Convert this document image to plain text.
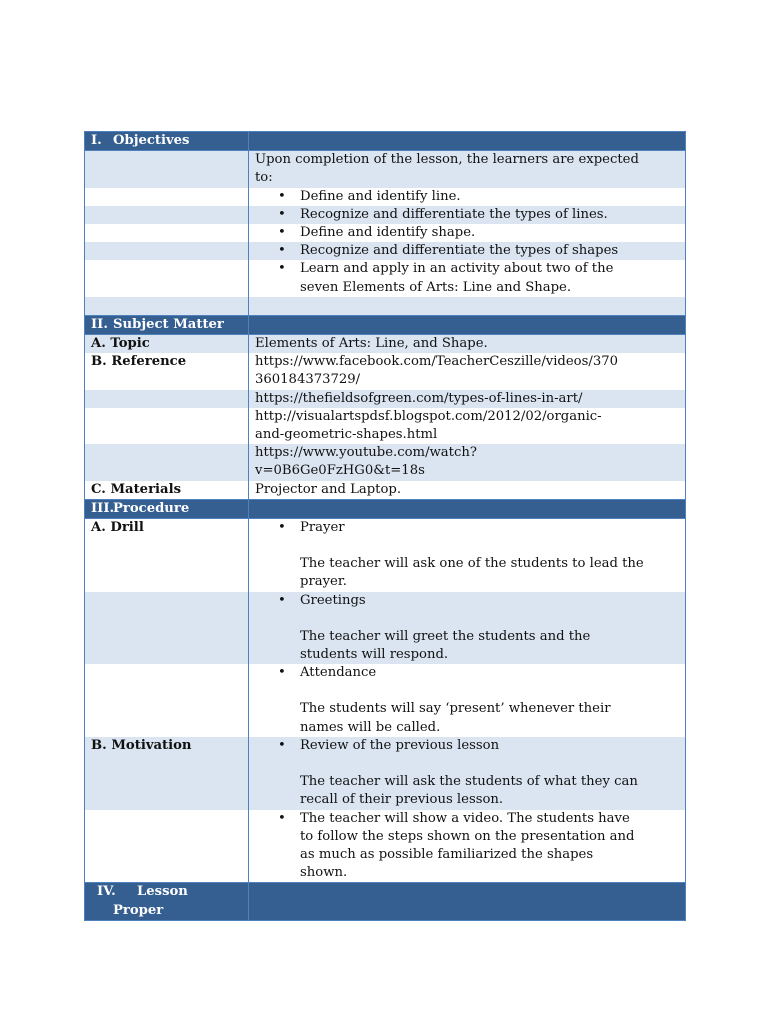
I. Objectives	

	Upon completion of the lesson, the learners are expected
to:

	• Define and identify line.

	• Recognize and differentiate the types of lines.

	• Define and identify shape.

	• Recognize and differentiate the types of shapes

	• Learn and apply in an activity about two of the
seven Elements of Arts: Line and Shape.

II. Subject Matter	
A. Topic	Elements of Arts: Line, and Shape.
B. Reference	https://www.facebook.com/TeacherCeszille/videos/370
360184373729/

	https://thefieldsofgreen.com/types-of-lines-in-art/

	http://visualartspdsf.blogspot.com/2012/02/organic-
and-geometric-shapes.html

	https://www.youtube.com/watch?
v=0B6Ge0FzHG0&t=18s

C. Materials	Projector and Laptop.
III.Procedure	
A. Drill	• Prayer
The teacher will ask one of the students to lead the
prayer.

	• Greetings
The teacher will greet the students and the
students will respond.

	• Attendance
The students will say ‘present’ whenever their
names will be called.

B. Motivation	• Review of the previous lesson
The teacher will ask the students of what they can
recall of their previous lesson.

	• The teacher will show a video. The students have
to follow the steps shown on the presentation and
as much as possible familiarized the shapes
shown.

IV. Lesson
Proper	
